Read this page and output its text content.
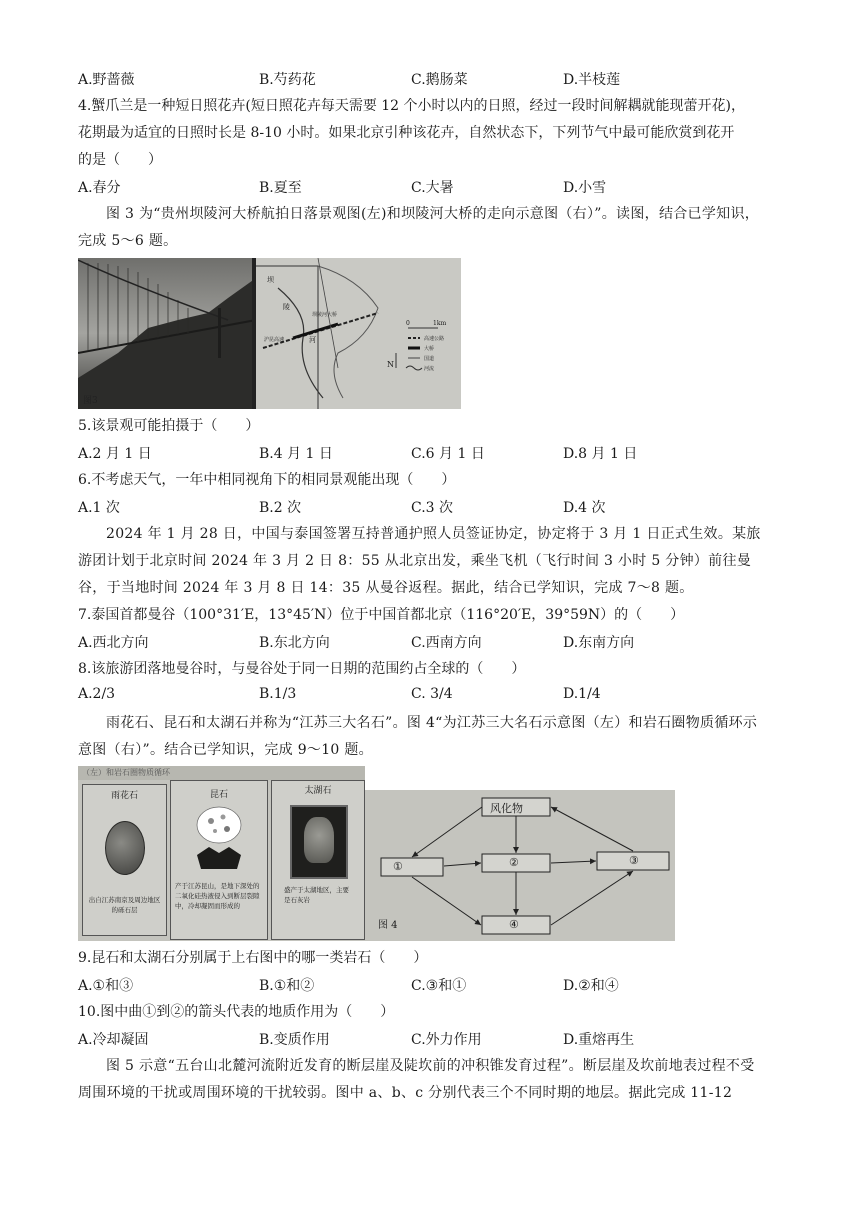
A.野蔷薇	B.芍药花	C.鹅肠菜	D.半枝莲
4.蟹爪兰是一种短日照花卉(短日照花卉每天需要 12 个小时以内的日照，经过一段时间解耦就能现蕾开花)，
花期最为适宜的日照时长是 8-10 小时。如果北京引种该花卉，自然状态下，下列节气中最可能欣赏到花开
的是（　　）
A.春分	B.夏至	C.大暑	D.小雪
图 3 为“贵州坝陵河大桥航拍日落景观图(左)和坝陵河大桥的走向示意图（右）”。读图，结合已学知识，完成 5～6 题。
坝
陵
河
坝陵河大桥
沪昆高速
N
0	1km
高速公路
大桥
国道
河流
图3
5.该景观可能拍摄于（　　）
A.2 月 1 日	B.4 月 1 日	C.6 月 1 日	D.8 月 1 日
6.不考虑天气，一年中相同视角下的相同景观能出现（　　）
A.1 次	B.2 次	C.3 次	D.4 次
2024 年 1 月 28 日，中国与泰国签署互持普通护照人员签证协定，协定将于 3 月 1 日正式生效。某旅游团计划于北京时间 2024 年 3 月 2 日 8：55 从北京出发，乘坐飞机（飞行时间 3 小时 5 分钟）前往曼谷，于当地时间 2024 年 3 月 8 日 14：35 从曼谷返程。据此，结合已学知识，完成 7～8 题。
7.泰国首都曼谷（100°31′E，13°45′N）位于中国首都北京（116°20′E，39°59N）的（　　）
A.西北方向	B.东北方向	C.西南方向	D.东南方向
8.该旅游团落地曼谷时，与曼谷处于同一日期的范围约占全球的（　　）
A.2/3	B.1/3	C. 3/4	D.1/4
雨花石、昆石和太湖石并称为“江苏三大名石”。图 4“为江苏三大名石示意图（左）和岩石圈物质循环示意图（右）”。结合已学知识，完成 9～10 题。
（左）和岩石圈物质循环
雨花石
出自江苏南京及周边地区的砾石层
昆石
产于江苏昆山，是地下深处的二氧化硅热液侵入到断层裂隙中，冷却凝固而形成的
太湖石
盛产于太湖地区，主要是石灰岩
风化物
①	②	③
④
图 4
9.昆石和太湖石分别属于上右图中的哪一类岩石（　　）
A.①和③	B.①和②	C.③和①	D.②和④
10.图中曲①到②的箭头代表的地质作用为（　　）
A.冷却凝固	B.变质作用	C.外力作用	D.重熔再生
图 5 示意“五台山北麓河流附近发育的断层崖及陡坎前的冲积锥发育过程”。断层崖及坎前地表过程不受周围环境的干扰或周围环境的干扰较弱。图中 a、b、c 分别代表三个不同时期的地层。据此完成 11-12
